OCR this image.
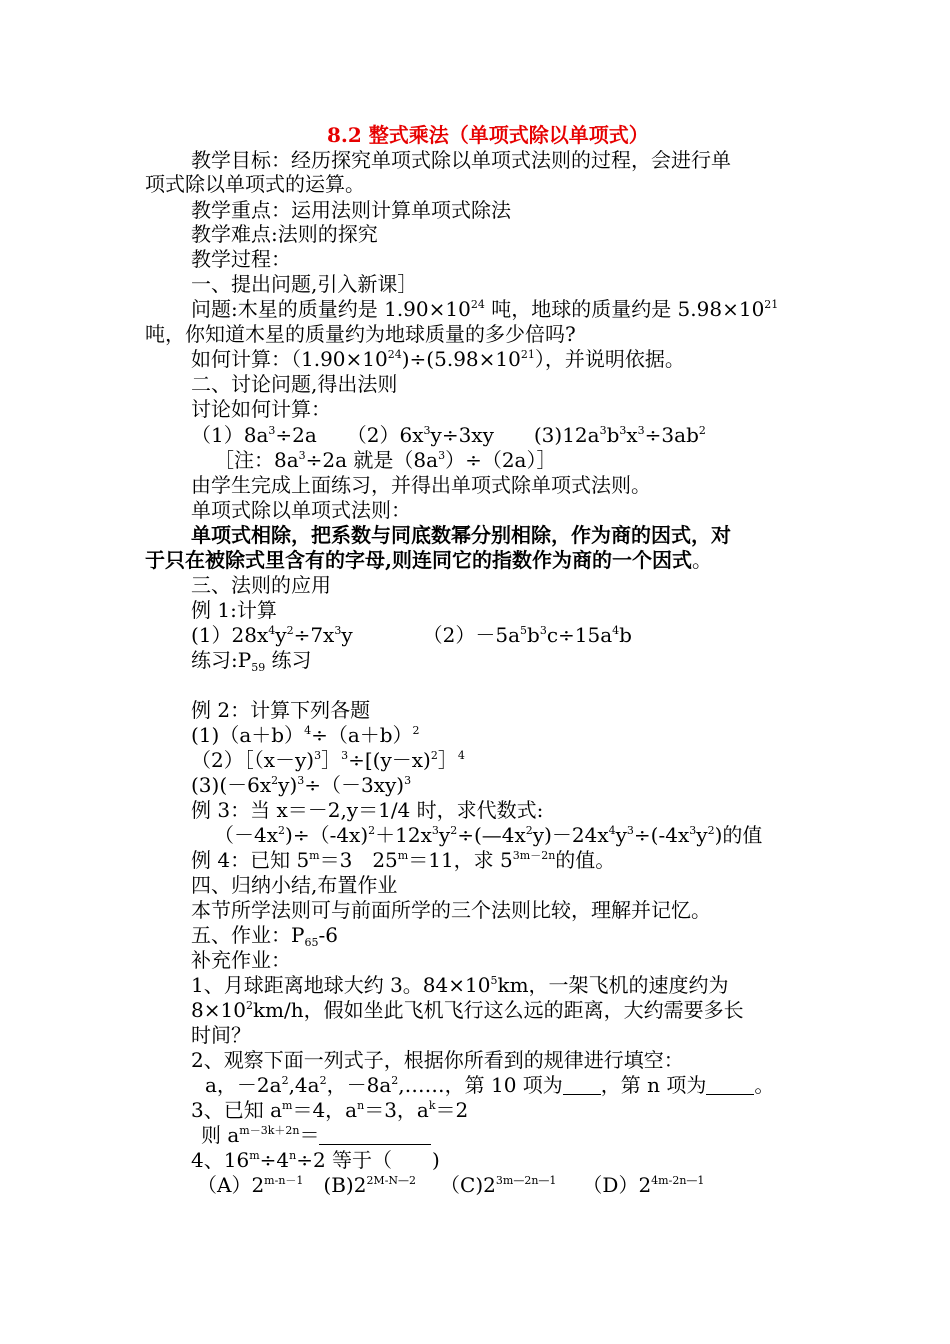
8.2 整式乘法（单项式除以单项式）
教学目标：经历探究单项式除以单项式法则的过程，会进行单
项式除以单项式的运算。
教学重点：运用法则计算单项式除法
教学难点:法则的探究
教学过程：
一、提出问题,引入新课］
问题:木星的质量约是 $1.90\times 10^{24}$ 吨，地球的质量约是 $5.98\times 10^{21}$
吨，你知道木星的质量约为地球质量的多少倍吗?
如何计算：$(1.90\times 10^{24})\div(5.98\times 10^{21})$，并说明依据。
二、讨论问题,得出法则
讨论如何计算：
$(1)8a^3\div 2a$　　$(2)6x^3y\div 3xy$　　$(3)12a^3b^3x^3\div 3ab^2$
［注：$8a^3\div 2a$ 就是$(8a^3)\div(2a)]$
由学生完成上面练习，并得出单项式除单项式法则。
单项式除以单项式法则：
单项式相除，把系数与同底数幂分别相除，作为商的因式，对
于只在被除式里含有的字母,则连同它的指数作为商的一个因式。
三、法则的应用
例 1:计算
$(1)28x^4y^2\div 7x^3y$　　　　$(2)-5a^5b^3c\div 15a^4b$
练习$:P_{59}$ 练习
例 2：计算下列各题
$(1)(a+b)^4\div(a+b)^2$
$(2)[(x-y)^3]^3\div[(y-x)^2]^4$
$(3)(-6x^2y)^3\div(-3xy)^3$
例 3：当 x＝－2,y＝1/4 时，求代数式:
$(-4x^2)\div(-4x)^2+12x^3y^2\div(—4x^2y)-24x^4y^3\div(-4x^3y^2)$的值
例 4：已知 $5^m=3$　$25^m=11$，求 $5^{3m-2n}$的值。
四、归纳小结,布置作业
本节所学法则可与前面所学的三个法则比较，理解并记忆。
五、作业：$P_{65}-6$
补充作业：
1、月球距离地球大约 3。$84\times 10^5km$，一架飞机的速度约为
$8\times 10^2km/h$，假如坐此飞机飞行这么远的距离，大约需要多长
时间？
2、观察下面一列式子，根据你所看到的规律进行填空：
a，$-2a^2,4a^2$，$-8a^2,\dots\dots$，第 10 项为 ，第 n 项为 。
3、已知 $a^m=4$，$a^n=3$，$a^k=2$
则 $a^{m-3k+2n}=$
4、$16^m\div 4^n\div 2$ 等于（　　)
$(A)2^{m-n-1}$ $(B)2^{2M-N—2}$ $(C)2^{3m—2n—1}$ $(D)2^{4m-2n—1}$
